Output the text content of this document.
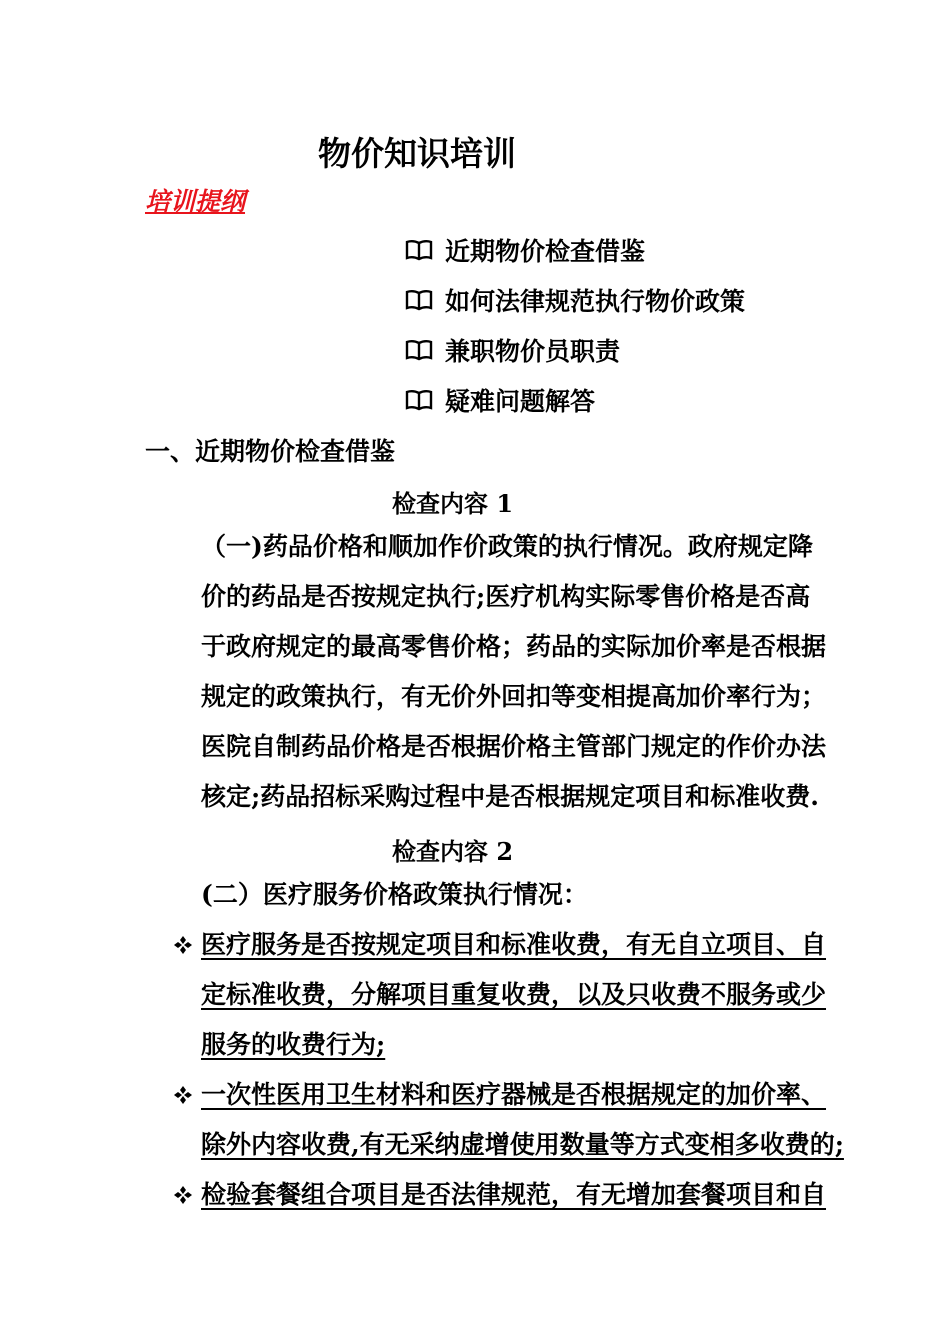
物价知识培训
培训提纲
近期物价检查借鉴
如何法律规范执行物价政策
兼职物价员职责
疑难问题解答
一、近期物价检查借鉴
检查内容 1
（一)药品价格和顺加作价政策的执行情况。政府规定降
价的药品是否按规定执行;医疗机构实际零售价格是否高
于政府规定的最高零售价格；药品的实际加价率是否根据
规定的政策执行，有无价外回扣等变相提高加价率行为；
医院自制药品价格是否根据价格主管部门规定的作价办法
核定;药品招标采购过程中是否根据规定项目和标准收费.
检查内容 2
(二）医疗服务价格政策执行情况：
医疗服务是否按规定项目和标准收费，有无自立项目、自
定标准收费，分解项目重复收费，以及只收费不服务或少
服务的收费行为;
一次性医用卫生材料和医疗器械是否根据规定的加价率、
除外内容收费,有无采纳虚增使用数量等方式变相多收费的;
检验套餐组合项目是否法律规范，有无增加套餐项目和自
